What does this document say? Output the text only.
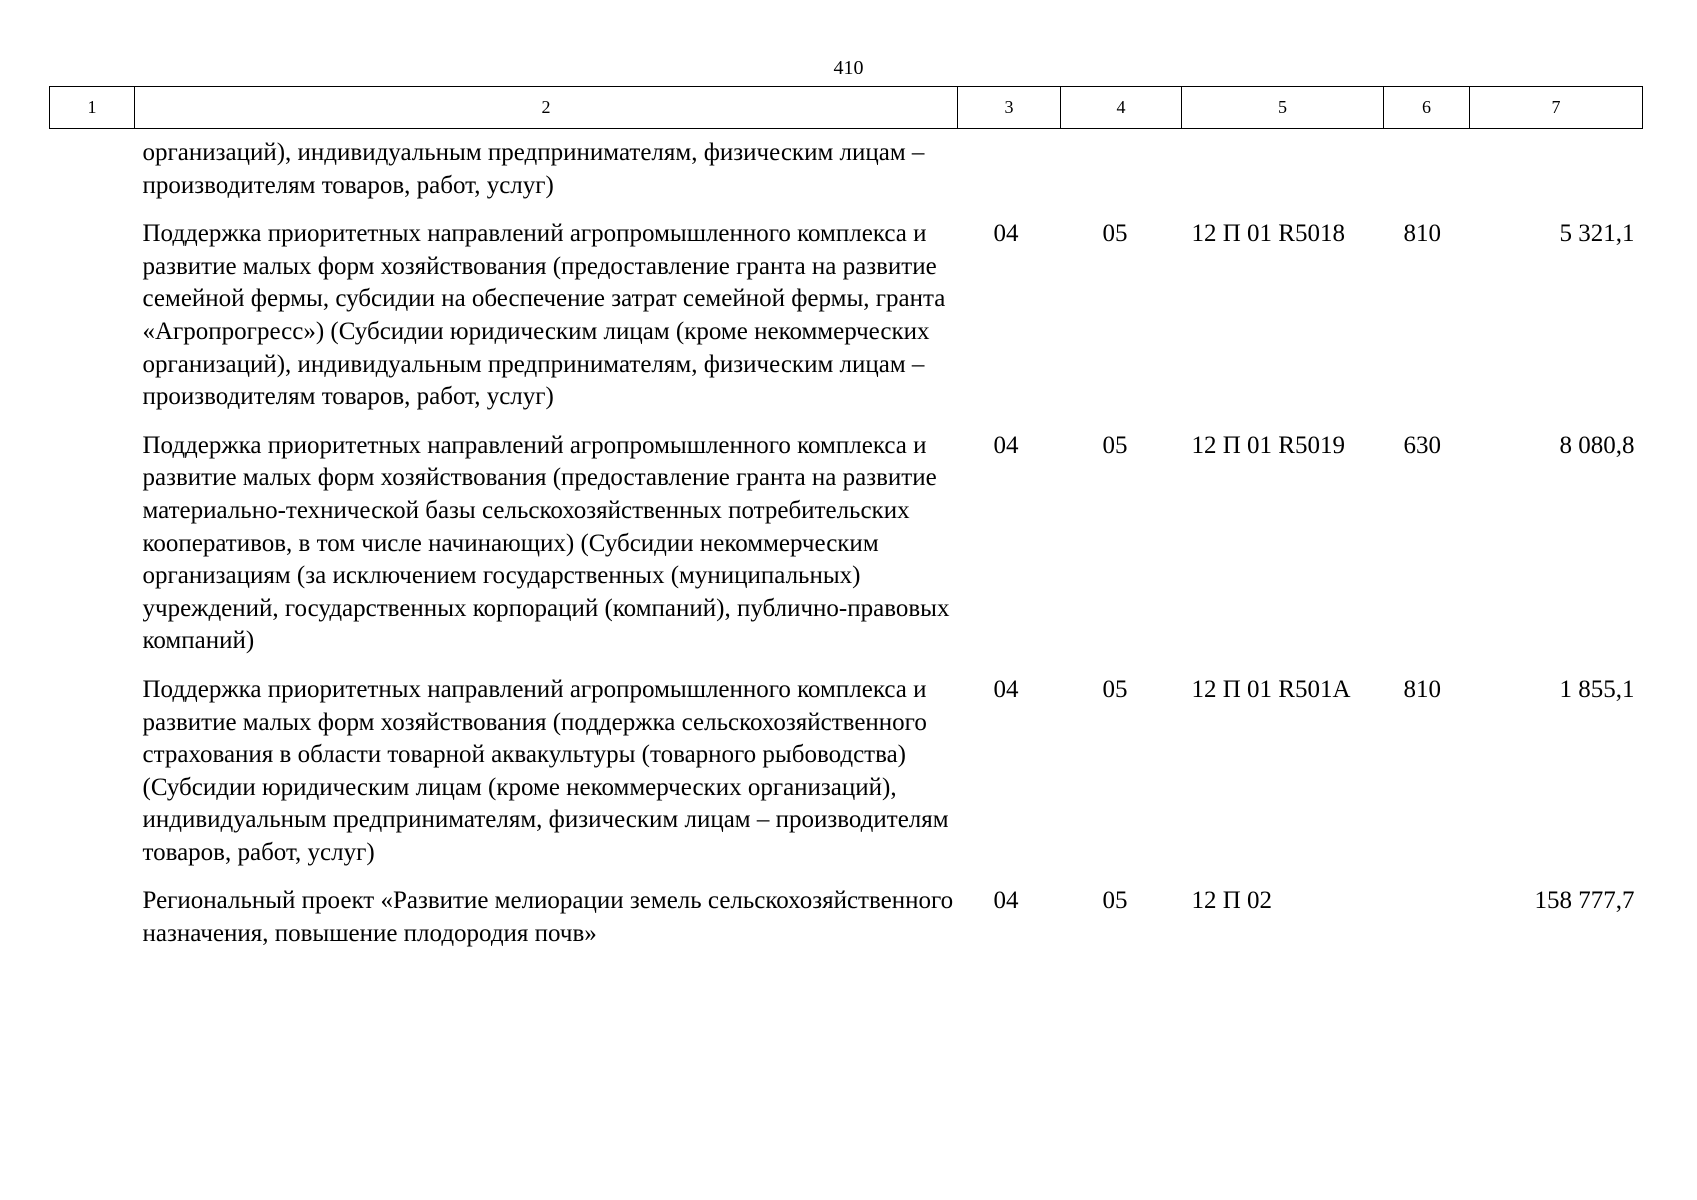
410
1	2	3	4	5	6	7
	организаций), индивидуальным предпринимателям, физическим лицам – производителям товаров, работ, услуг)					
	Поддержка приоритетных направлений агропромышленного комплекса и развитие малых форм хозяйствования (предоставление гранта на развитие семейной фермы, субсидии на обеспечение затрат семейной фермы, гранта «Агропрогресс») (Субсидии юридическим лицам (кроме некоммерческих организаций), индивидуальным предпринимателям, физическим лицам – производителям товаров, работ, услуг)	04	05	12 П 01 R5018	810	5 321,1
	Поддержка приоритетных направлений агропромышленного комплекса и развитие малых форм хозяйствования (предоставление гранта на развитие материально-технической базы сельскохозяйственных потребительских кооперативов, в том числе начинающих) (Субсидии некоммерческим организациям (за исключением государственных (муниципальных) учреждений, государственных корпораций (компаний), публично-правовых компаний)	04	05	12 П 01 R5019	630	8 080,8
	Поддержка приоритетных направлений агропромышленного комплекса и развитие малых форм хозяйствования (поддержка сельскохозяйственного страхования в области товарной аквакультуры (товарного рыбоводства) (Субсидии юридическим лицам (кроме некоммерческих организаций), индивидуальным предпринимателям, физическим лицам – производителям товаров, работ, услуг)	04	05	12 П 01 R501А	810	1 855,1
	Региональный проект «Развитие мелиорации земель сельскохозяйственного назначения, повышение плодородия почв»	04	05	12 П 02		158 777,7
